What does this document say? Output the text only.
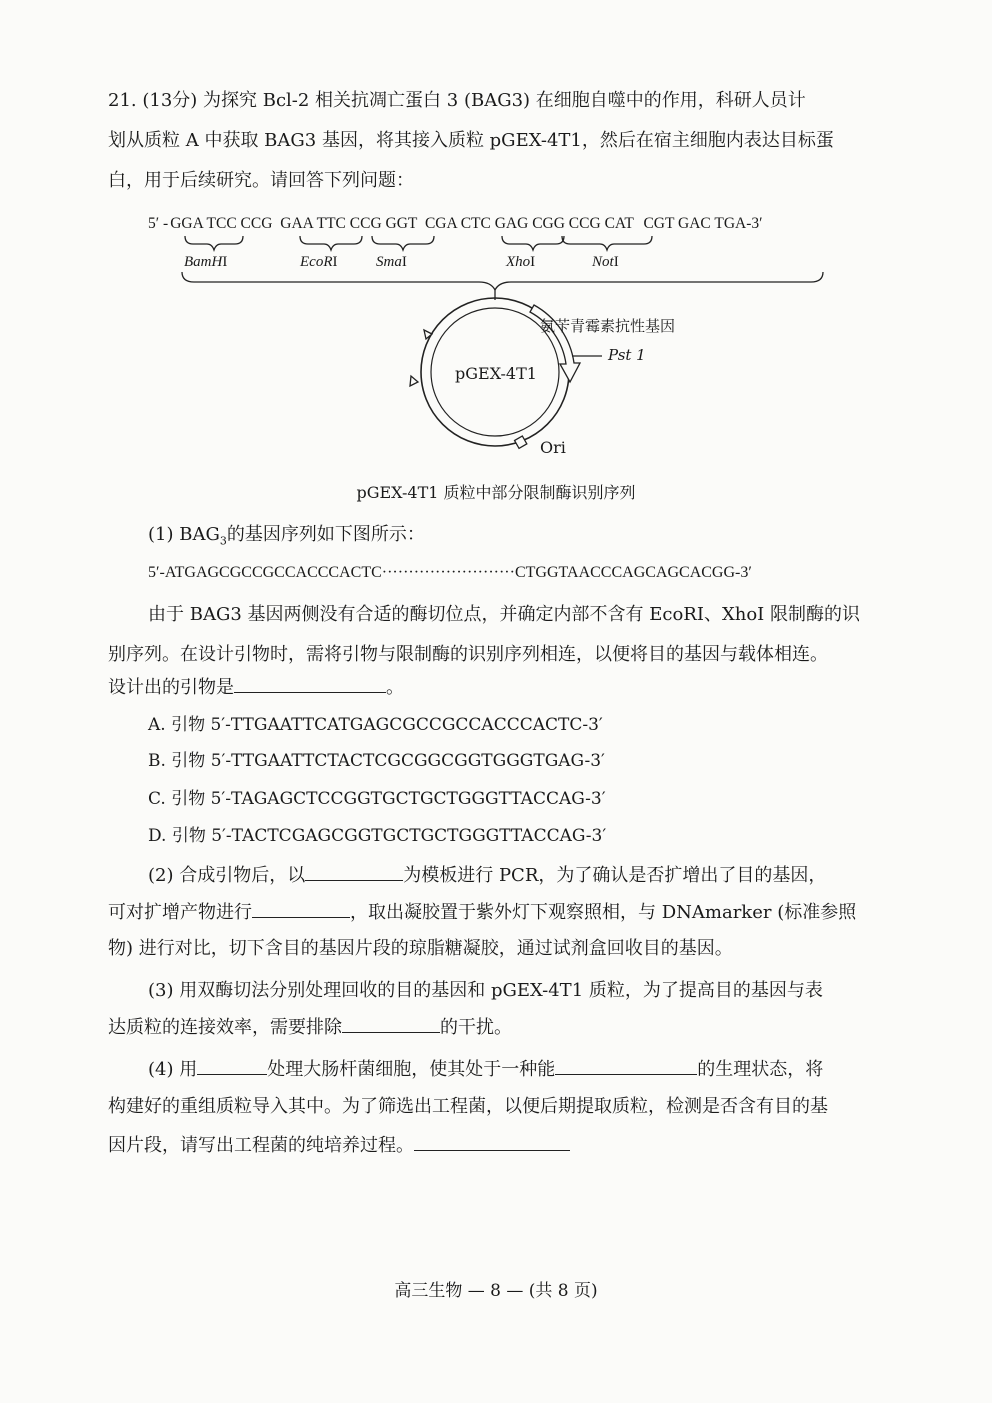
21. (13分) 为探究 Bcl-2 相关抗凋亡蛋白 3 (BAG3) 在细胞自噬中的作用，科研人员计
划从质粒 A 中获取 BAG3 基因，将其接入质粒 pGEX-4T1，然后在宿主细胞内表达目标蛋
白，用于后续研究。请回答下列问题：
5′ - GGA TCC CCG GAA TTC CCG GGT CGA CTC GAG CGG CCG CAT CGT GAC TGA-3′
BamHI	EcoRI	SmaI	XhoI	NotI
pGEX-4T1
氨苄青霉素抗性基因
Pst 1
Ori
pGEX-4T1 质粒中部分限制酶识别序列
(1) $BAG_3$的基因序列如下图所示：
5′-ATGAGCGCCGCCACCCACTC·························CTGGTAACCCAGCAGCACGG-3′
由于 BAG3 基因两侧没有合适的酶切位点，并确定内部不含有 EcoRI、XhoI 限制酶的识
别序列。在设计引物时，需将引物与限制酶的识别序列相连，以便将目的基因与载体相连。
设计出的引物是	。
A. 引物 5′-TTGAATTCATGAGCGCCGCCACCCACTC-3′
B. 引物 5′-TTGAATTCTACTCGCGGCGGTGGGTGAG-3′
C. 引物 5′-TAGAGCTCCGGTGCTGCTGGGTTACCAG-3′
D. 引物 5′-TACTCGAGCGGTGCTGCTGGGTTACCAG-3′
(2) 合成引物后，以	为模板进行 PCR，为了确认是否扩增出了目的基因，
可对扩增产物进行	，取出凝胶置于紫外灯下观察照相，与 DNAmarker (标准参照
物) 进行对比，切下含目的基因片段的琼脂糖凝胶，通过试剂盒回收目的基因。
(3) 用双酶切法分别处理回收的目的基因和 pGEX-4T1 质粒，为了提高目的基因与表
达质粒的连接效率，需要排除	的干扰。
(4) 用	处理大肠杆菌细胞，使其处于一种能	的生理状态，将
构建好的重组质粒导入其中。为了筛选出工程菌，以便后期提取质粒，检测是否含有目的基
因片段，请写出工程菌的纯培养过程。
高三生物 — 8 — (共 8 页)
